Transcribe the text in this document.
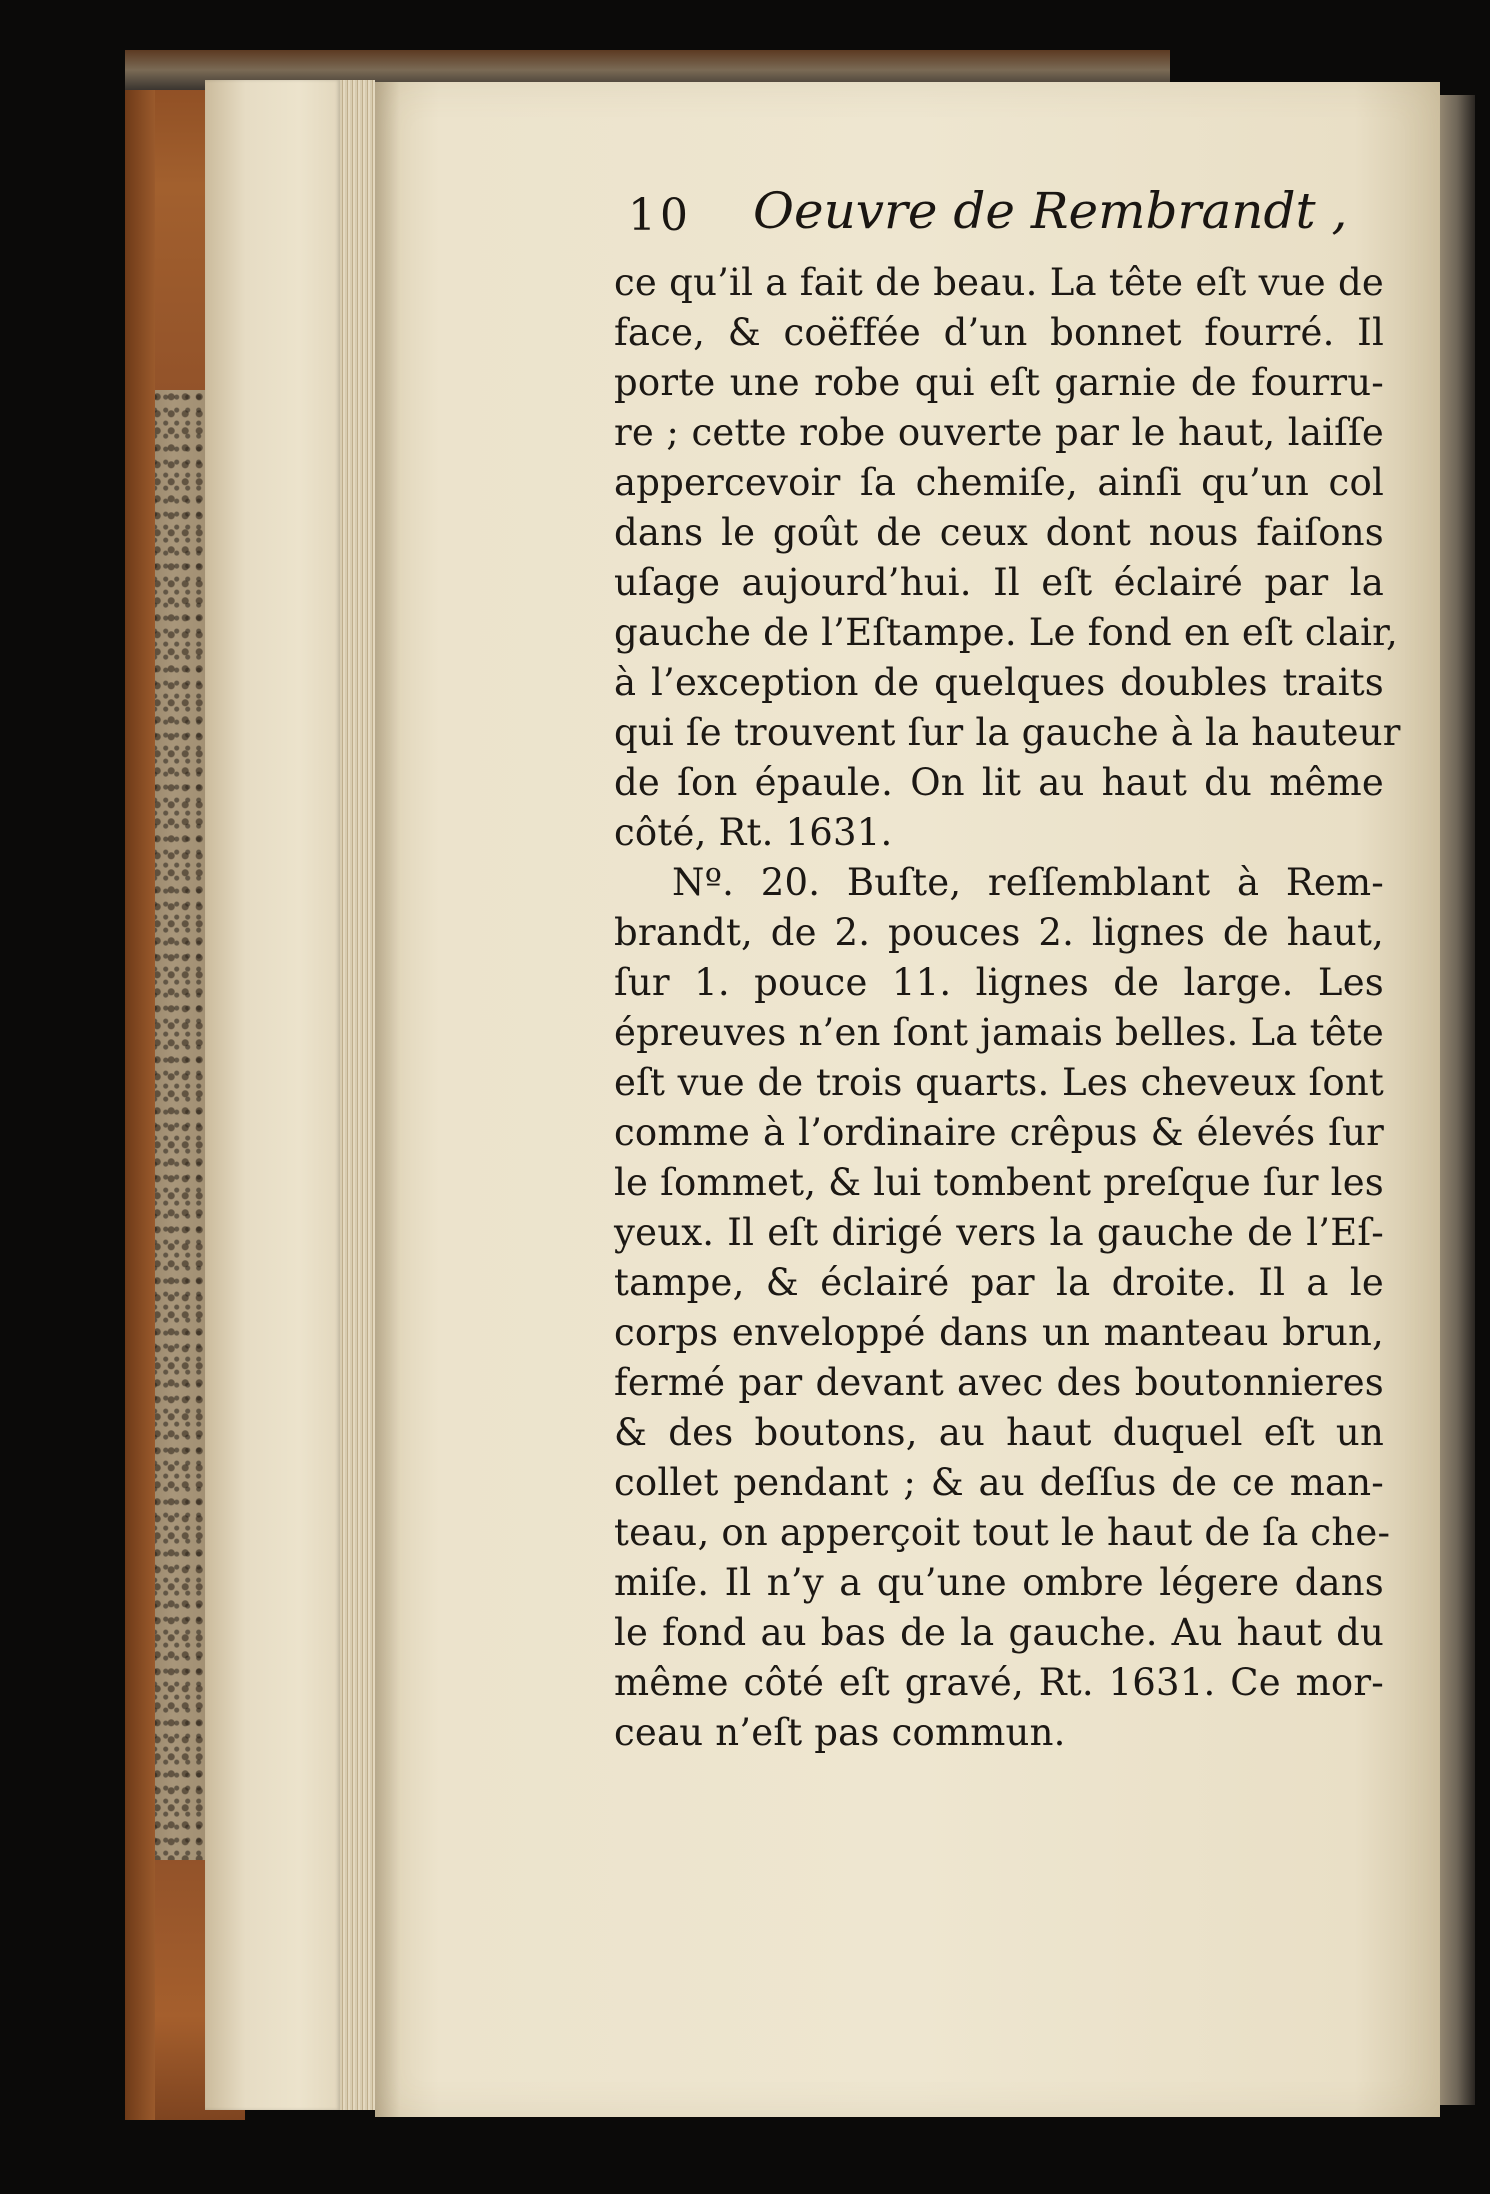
10 Oeuvre de Rembrandt ,
ce qu’il a fait de beau. La tête eſt vue de
face, & coëffée d’un bonnet fourré. Il
porte une robe qui eſt garnie de fourru-
re ; cette robe ouverte par le haut, laiſſe
appercevoir ſa chemiſe, ainſi qu’un col
dans le goût de ceux dont nous faiſons
uſage aujourd’hui. Il eſt éclairé par la
gauche de l’Eſtampe. Le fond en eſt clair,
à l’exception de quelques doubles traits
qui ſe trouvent ſur la gauche à la hauteur
de ſon épaule. On lit au haut du même
côté, Rt. 1631.
Nº. 20. Buſte, reſſemblant à Rem-
brandt, de 2. pouces 2. lignes de haut,
ſur 1. pouce 11. lignes de large. Les
épreuves n’en ſont jamais belles. La tête
eſt vue de trois quarts. Les cheveux ſont
comme à l’ordinaire crêpus & élevés ſur
le ſommet, & lui tombent preſque ſur les
yeux. Il eſt dirigé vers la gauche de l’Eſ-
tampe, & éclairé par la droite. Il a le
corps enveloppé dans un manteau brun,
fermé par devant avec des boutonnieres
& des boutons, au haut duquel eſt un
collet pendant ; & au deſſus de ce man-
teau, on apperçoit tout le haut de ſa che-
miſe. Il n’y a qu’une ombre légere dans
le fond au bas de la gauche. Au haut du
même côté eſt gravé, Rt. 1631. Ce mor-
ceau n’eſt pas commun.
